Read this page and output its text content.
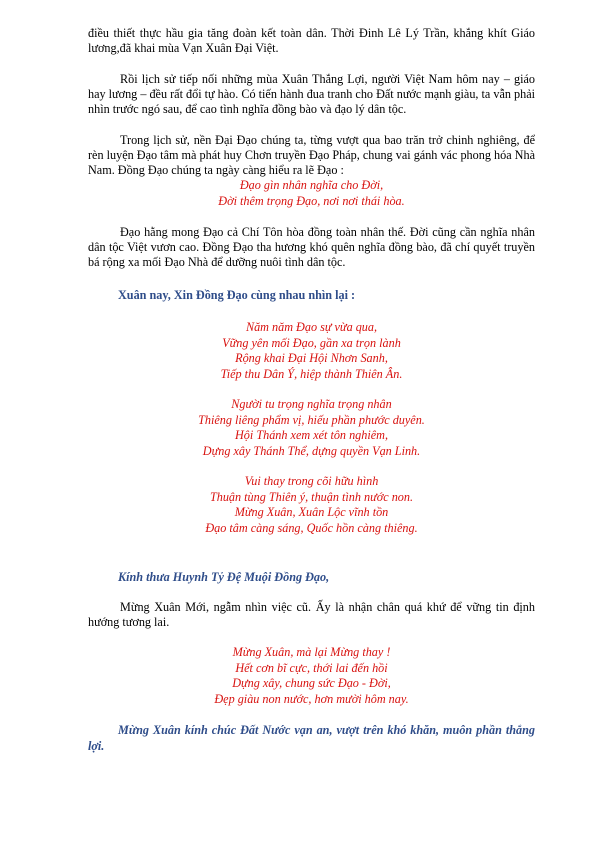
điều thiết thực hầu gia tăng đoàn kết toàn dân. Thời Đinh Lê Lý Trần, khắng khít Giáo lương,đã khai mùa Vạn Xuân Đại Việt.

Rồi lịch sử tiếp nối những mùa Xuân Thắng Lợi, người Việt Nam hôm nay – giáo hay lương – đều rất đổi tự hào. Có tiến hành đua tranh cho Đất nước mạnh giàu, ta vẫn phải nhìn trước ngó sau, để cao tình nghĩa đồng bào và đạo lý dân tộc.

Trong lịch sử, nền Đại Đạo chúng ta, từng vượt qua bao trăn trở chinh nghiêng, để rèn luyện Đạo tâm mà phát huy Chơn truyền Đạo Pháp, chung vai gánh vác phong hóa Nhà Nam. Đồng Đạo chúng ta ngày càng hiểu ra lẽ Đạo :

Đạo gìn nhân nghĩa cho Đời,
Đời thêm trọng Đạo, nơi nơi thái hòa.

Đạo hằng mong Đạo cả Chí Tôn hòa đồng toàn nhân thế. Đời cũng cần nghĩa nhân dân tộc Việt vươn cao. Đồng Đạo tha hương khó quên nghĩa đồng bào, đã chí quyết truyền bá rộng xa mối Đạo Nhà để dưỡng nuôi tình dân tộc.

Xuân nay, Xin Đồng Đạo cùng nhau nhìn lại :

Năm năm Đạo sự vừa qua,
Vững yên mối Đạo, gần xa trọn lành
Rộng khai Đại Hội Nhơn Sanh,
Tiếp thu Dân Ý, hiệp thành Thiên Ân.
Người tu trọng nghĩa trọng nhân
Thiêng liêng phẩm vị, hiếu phần phước duyên.
Hội Thánh xem xét tôn nghiêm,
Dựng xây Thánh Thể, dựng quyền Vạn Linh.
Vui thay trong cõi hữu hình
Thuận tùng Thiên ý, thuận tình nước non.
Mừng Xuân, Xuân Lộc vĩnh tồn
Đạo tâm càng sáng, Quốc hồn càng thiêng.

Kính thưa Huynh Tỷ Đệ Muội Đồng Đạo,

Mừng Xuân Mới, ngẫm nhìn việc cũ. Ấy là nhận chân quá khứ để vững tin định hướng tương lai.

Mừng Xuân, mà lại Mừng thay !
Hết cơn bĩ cực, thới lai đến hồi
Dựng xây, chung sức Đạo - Đời,
Đẹp giàu non nước, hơn mười hôm nay.

Mừng Xuân kính chúc Đất Nước vạn an, vượt trên khó khăn, muôn phần thắng lợi.
